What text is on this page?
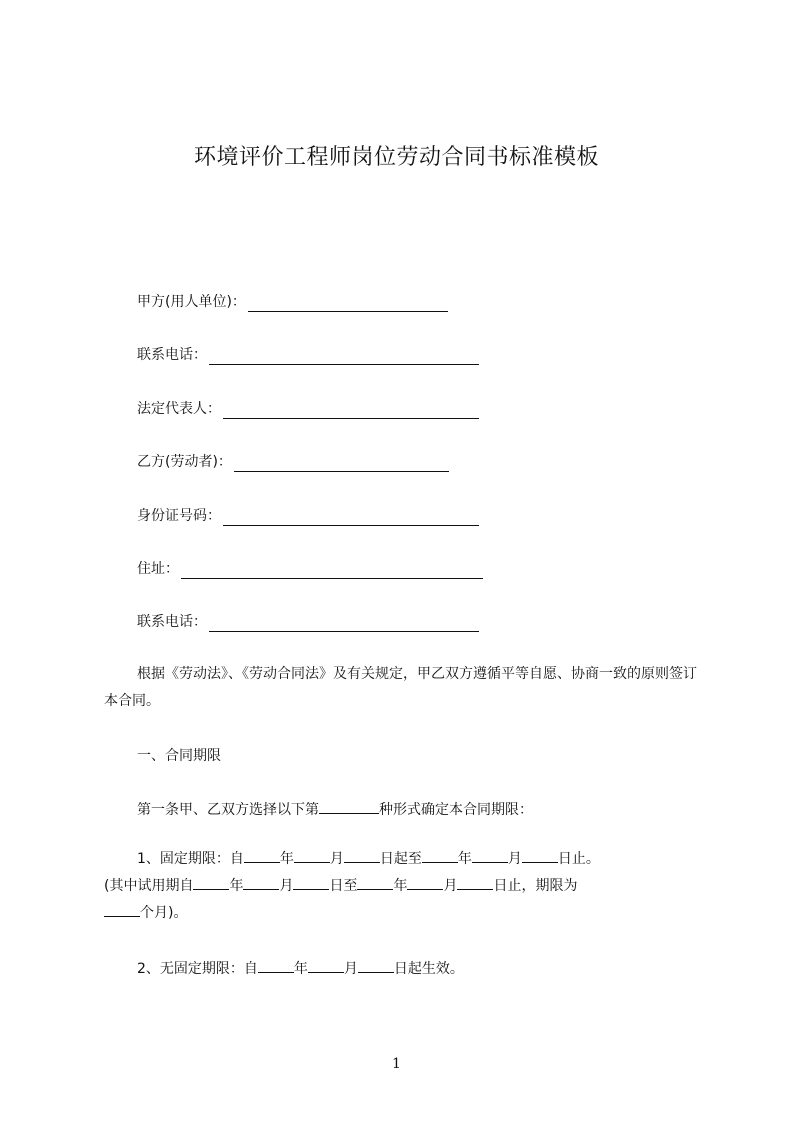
环境评价工程师岗位劳动合同书标准模板
甲方(用人单位)：
联系电话：
法定代表人：
乙方(劳动者)：
身份证号码：
住址：
联系电话：
根据《劳动法》、《劳动合同法》及有关规定，甲乙双方遵循平等自愿、协商一致的原则签订本合同。
一、合同期限
第一条甲、乙双方选择以下第	种形式确定本合同期限：
1、固定期限：自	年	月	日起至	年	月	日止。
(其中试用期自	年	月	日至	年	月	日止，期限为
个月)。
2、无固定期限：自	年	月	日起生效。
1
